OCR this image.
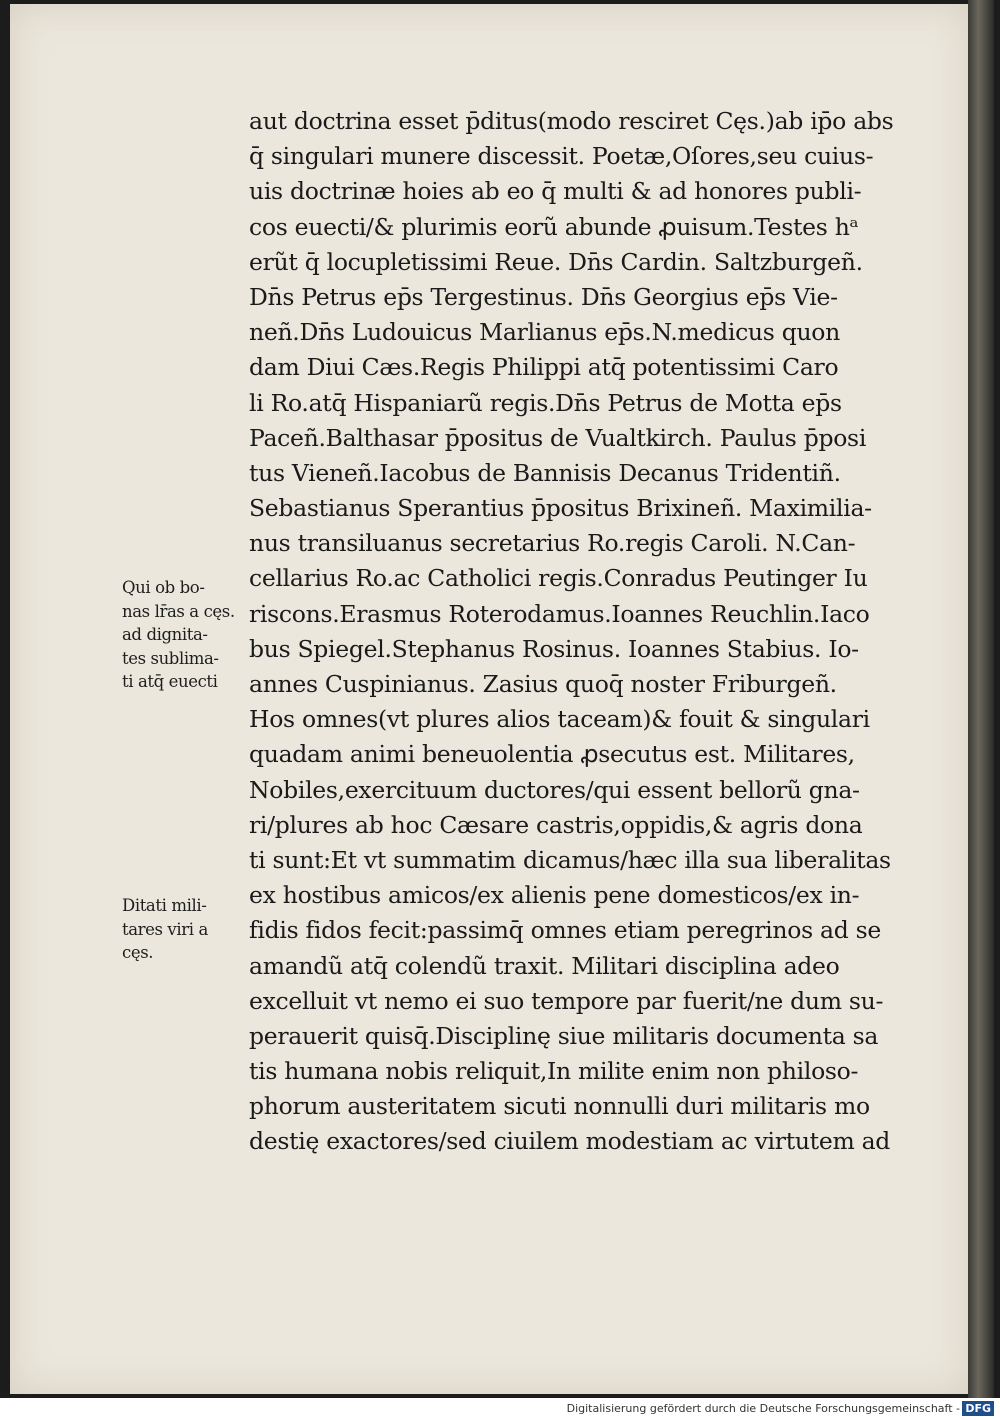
aut doctrina esset p̄ditus(modo resciret Cęs.)ab ip̄o abs
q̄ singulari munere discessit. Poetæ,Oſores,seu cuius-
uis doctrinæ hoies ab eo q̄ multi & ad honores publi-
cos euecti/& plurimis eorũ abunde ꝓuisum.Testes hᵃ
erũt q̄ locupletissimi Reue. Dn̄s Cardin. Saltzburgeñ.
Dn̄s Petrus ep̄s Tergestinus. Dn̄s Georgius ep̄s Vie-
neñ.Dn̄s Ludouicus Marlianus ep̄s.N.medicus quon
dam Diui Cæs.Regis Philippi atq̄ potentissimi Caro
li Ro.atq̄ Hispaniarũ regis.Dn̄s Petrus de Motta ep̄s
Paceñ.Balthasar p̄positus de Vualtkirch. Paulus p̄posi
tus Vieneñ.Iacobus de Bannisis Decanus Tridentiñ.
Sebastianus Sperantius p̄positus Brixineñ. Maximilia-
nus transiluanus secretarius Ro.regis Caroli. N.Can-
cellarius Ro.ac Catholici regis.Conradus Peutinger Iu
riscons.Erasmus Roterodamus.Ioannes Reuchlin.Iaco
bus Spiegel.Stephanus Rosinus. Ioannes Stabius. Io-
annes Cuspinianus. Zasius quoq̄ noster Friburgeñ.
Hos omnes(vt plures alios taceam)& fouit & singulari
quadam animi beneuolentia ꝓsecutus est. Militares,
Nobiles,exercituum ductores/qui essent bellorũ gna-
ri/plures ab hoc Cæsare castris,oppidis,& agris dona
ti sunt:Et vt summatim dicamus/hæc illa sua liberalitas
ex hostibus amicos/ex alienis pene domesticos/ex in-
fidis fidos fecit:passimq̄ omnes etiam peregrinos ad se
amandũ atq̄ colendũ traxit. Militari disciplina adeo
excelluit vt nemo ei suo tempore par fuerit/ne dum su-
perauerit quisq̄.Disciplinę siue militaris documenta sa
tis humana nobis reliquit,In milite enim non philoso-
phorum austeritatem sicuti nonnulli duri militaris mo
destię exactores/sed ciuilem modestiam ac virtutem ad
Qui ob bo-
nas lr̄as a cęs.
ad dignita-
tes sublima-
ti atq̄ euecti
Ditati mili-
tares viri a
cęs.
Digitalisierung gefördert durch die Deutsche Forschungsgemeinschaft - DFG
